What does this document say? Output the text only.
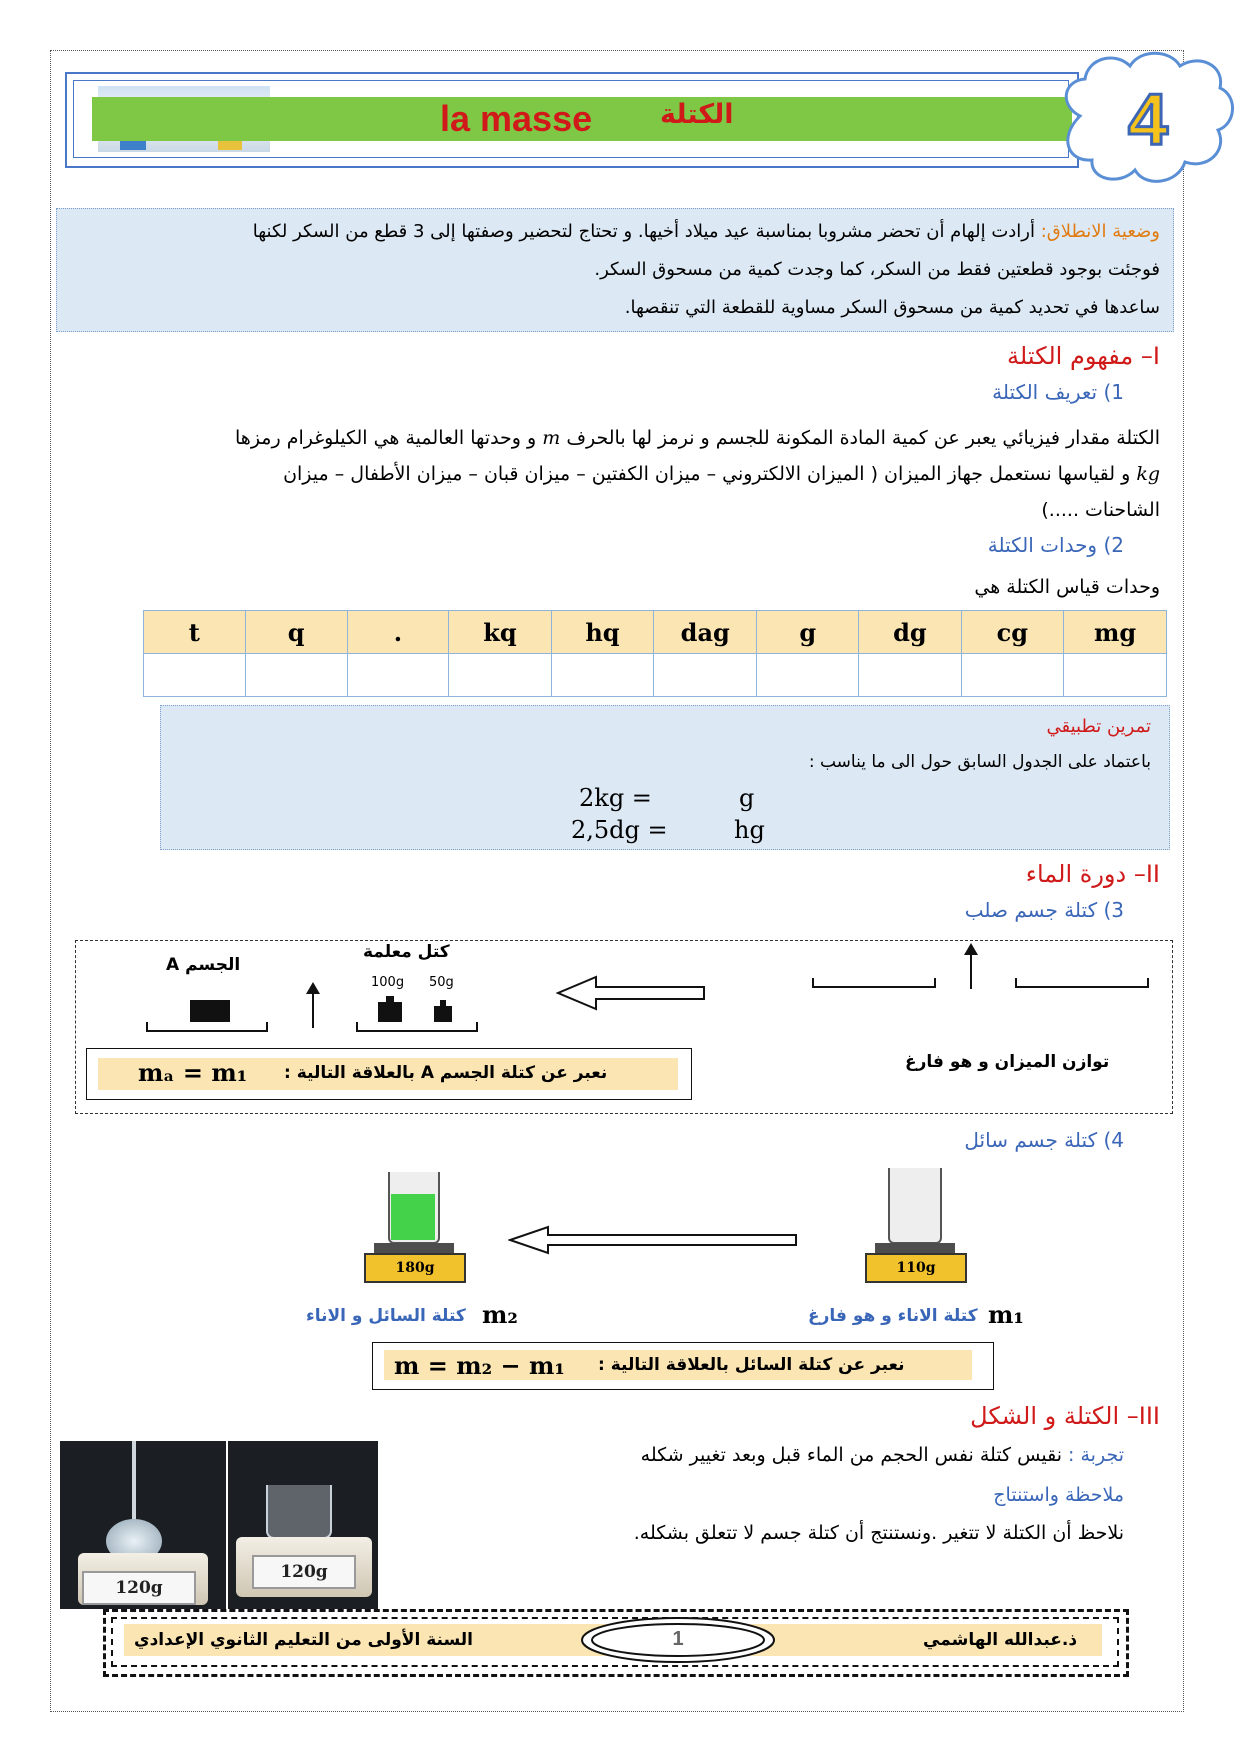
la masse	الكتلة	4
وضعية الانطلاق: أرادت إلهام أن تحضر مشروبا بمناسبة عيد ميلاد أخيها. و تحتاج لتحضير وصفتها إلى 3 قطع من السكر لكنها
فوجئت بوجود قطعتين فقط من السكر، كما وجدت كمية من مسحوق السكر.
ساعدها في تحديد كمية من مسحوق السكر مساوية للقطعة التي تنقصها.
I– مفهوم الكتلة
1) تعريف الكتلة
الكتلة مقدار فيزيائي يعبر عن كمية المادة المكونة للجسم و نرمز لها بالحرف m و وحدتها العالمية هي الكيلوغرام رمزها
kg و لقياسها نستعمل جهاز الميزان ( الميزان الالكتروني – ميزان الكفتين – ميزان قبان – ميزان الأطفال – ميزان
الشاحنات .....)
2) وحدات الكتلة
وحدات قياس الكتلة هي
t	q	.	kq	hq	dag	g	dg	cg	mg

تمرين تطبيقي
باعتماد على الجدول السابق حول الى ما يناسب :
2kg =	g
2,5dg =	hg
II– دورة الماء
3) كتلة جسم صلب
توازن الميزان و هو فارغ
كتل معلمة
100g 50g
الجسم A
نعبر عن كتلة الجسم A بالعلاقة التالية :
mₐ = m₁
4) كتلة جسم سائل
110g
180g
m₁
كتلة الاناء و هو فارغ
m₂
كتلة السائل و الاناء
نعبر عن كتلة السائل بالعلاقة التالية :
m = m₂ − m₁
III– الكتلة و الشكل
تجربة : نقيس كتلة نفس الحجم من الماء قبل وبعد تغيير شكله
ملاحظة واستنتاج
نلاحظ أن الكتلة لا تتغير .ونستنتج أن كتلة جسم لا تتعلق بشكله.
120g
120g
ذ.عبدالله الهاشمي
السنة الأولى من التعليم الثانوي الإعدادي	1
